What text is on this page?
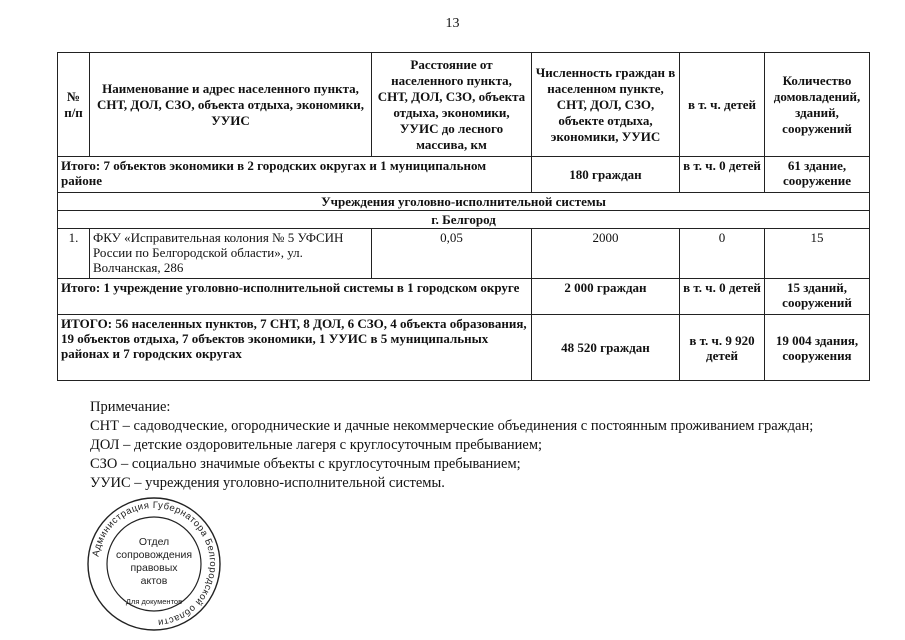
13
№ п/п	Наименование и адрес населенного пункта, СНТ, ДОЛ, СЗО, объекта отдыха, экономики, УУИС	Расстояние от населенного пункта, СНТ, ДОЛ, СЗО, объекта отдыха, экономики, УУИС до лесного массива, км	Численность граждан в населенном пункте, СНТ, ДОЛ, СЗО, объекте отдыха, экономики, УУИС	в т. ч. детей	Количество домовладений, зданий, сооружений
Итого: 7 объектов экономики в 2 городских округах и 1 муниципальном районе			180 граждан	в т. ч. 0 детей	61 здание, сооружение
Учреждения уголовно-исполнительной системы					
г. Белгород					
1.	ФКУ «Исправительная колония № 5 УФСИН России по Белгородской области», ул. Волчанская, 286	0,05	2000	0	15
Итого: 1 учреждение уголовно-исполнительной системы в 1 городском округе			2 000 граждан	в т. ч. 0 детей	15 зданий, сооружений
ИТОГО: 56 населенных пунктов, 7 СНТ, 8 ДОЛ, 6 СЗО, 4 объекта образования, 19 объектов отдыха, 7 объектов экономики, 1 УУИС в 5 муниципальных районах и 7 городских округах			48 520 граждан	в т. ч. 9 920 детей	19 004 здания, сооружения
Примечание:
СНТ – садоводческие, огороднические и дачные некоммерческие объединения с постоянным проживанием граждан;
ДОЛ – детские оздоровительные лагеря с круглосуточным пребыванием;
СЗО – социально значимые объекты с круглосуточным пребыванием;
УУИС – учреждения уголовно-исполнительной системы.
Администрация Губернатора Белгородской области
Отдел
сопровождения
правовых
актов
Для документов
